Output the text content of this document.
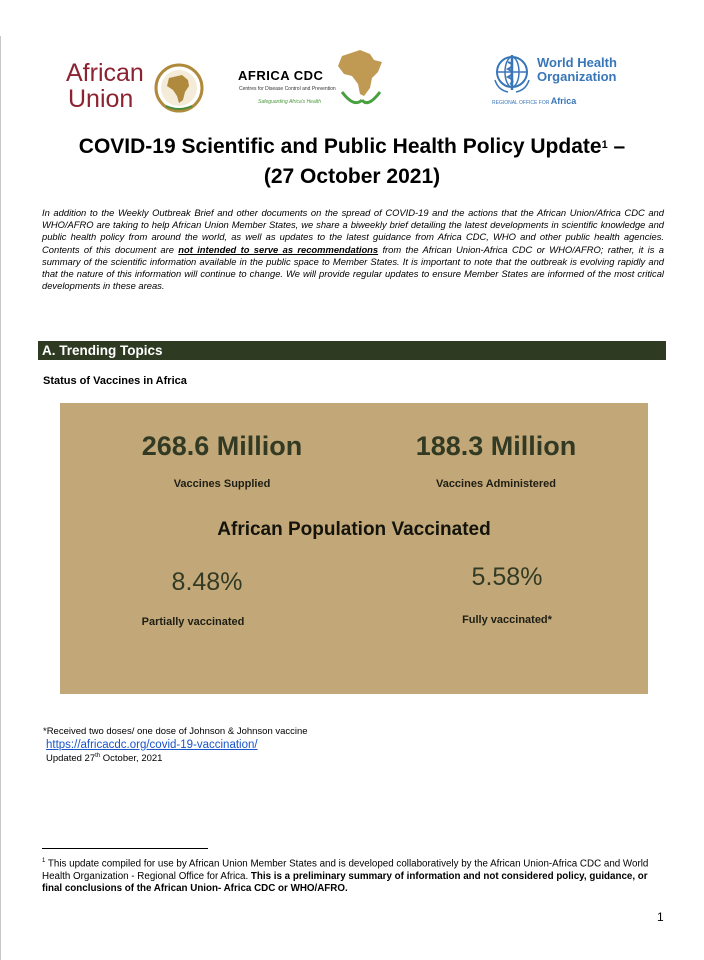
African
Union
AFRICA CDC
Centres for Disease Control and Prevention
Safeguarding Africa's Health
World Health
Organization
REGIONAL OFFICE FOR Africa
COVID-19 Scientific and Public Health Policy Update$^1$ –
(27 October 2021)
In addition to the Weekly Outbreak Brief and other documents on the spread of COVID-19 and the actions that the African Union/Africa CDC and WHO/AFRO are taking to help African Union Member States, we share a biweekly brief detailing the latest developments in scientific knowledge and public health policy from around the world, as well as updates to the latest guidance from Africa CDC, WHO and other public health agencies. Contents of this document are not intended to serve as recommendations from the African Union-Africa CDC or WHO/AFRO; rather, it is a summary of the scientific information available in the public space to Member States. It is important to note that the outbreak is evolving rapidly and that the nature of this information will continue to change. We will provide regular updates to ensure Member States are informed of the most critical developments in these areas.
A. Trending Topics
Status of Vaccines in Africa
268.6 Million
Vaccines Supplied
188.3 Million
Vaccines Administered
African Population Vaccinated
8.48%
Partially vaccinated
5.58%
Fully vaccinated*
*Received two doses/ one dose of Johnson & Johnson vaccine
https://africacdc.org/covid-19-vaccination/
Updated 27th October, 2021
$^1$ This update compiled for use by African Union Member States and is developed collaboratively by the African Union-Africa CDC and World Health Organization - Regional Office for Africa. This is a preliminary summary of information and not considered policy, guidance, or final conclusions of the African Union- Africa CDC or WHO/AFRO.
1
